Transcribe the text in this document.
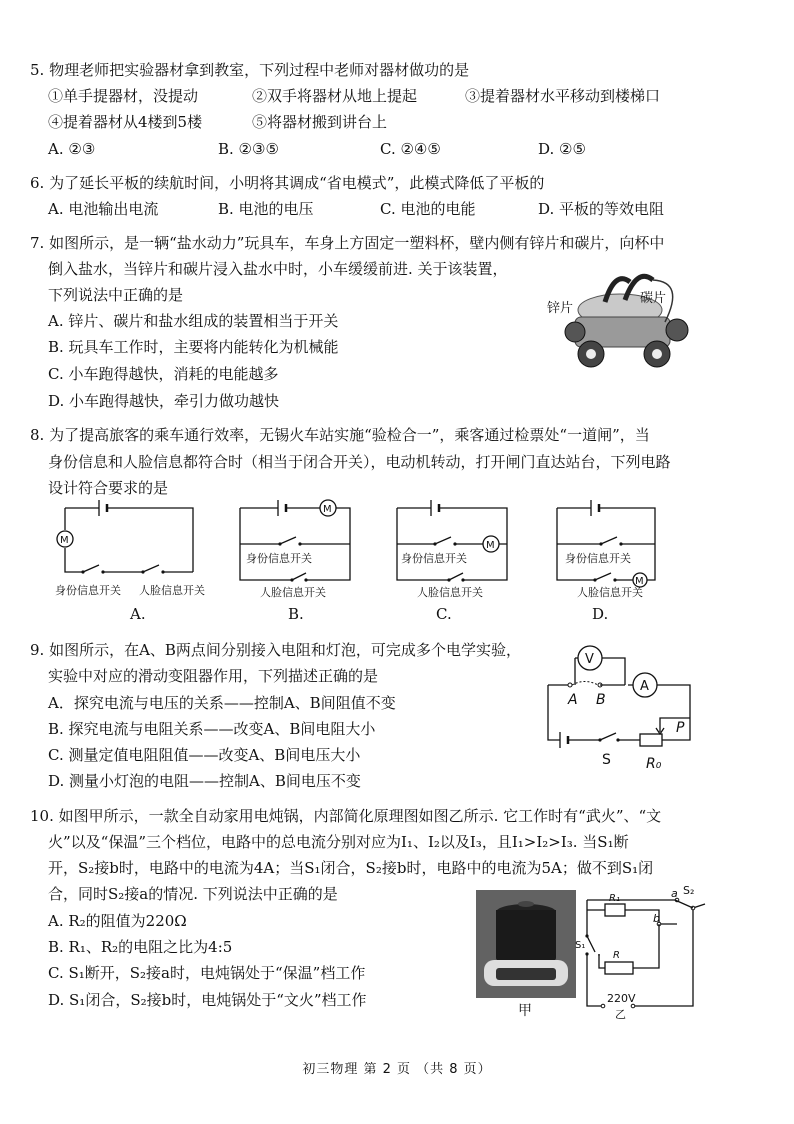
5. 物理老师把实验器材拿到教室，下列过程中老师对器材做功的是
①单手提器材，没提动	②双手将器材从地上提起	③提着器材水平移动到楼梯口
④提着器材从4楼到5楼	⑤将器材搬到讲台上
A. ②③	B. ②③⑤	C. ②④⑤	D. ②⑤
6. 为了延长平板的续航时间，小明将其调成“省电模式”，此模式降低了平板的
A. 电池输出电流	B. 电池的电压	C. 电池的电能	D. 平板的等效电阻
7. 如图所示，是一辆“盐水动力”玩具车，车身上方固定一塑料杯，壁内侧有锌片和碳片，向杯中
倒入盐水，当锌片和碳片浸入盐水中时，小车缓缓前进. 关于该装置，
下列说法中正确的是
A. 锌片、碳片和盐水组成的装置相当于开关
B. 玩具车工作时，主要将内能转化为机械能
C. 小车跑得越快，消耗的电能越多
D. 小车跑得越快，牵引力做功越快
锌片
碳片
8. 为了提高旅客的乘车通行效率，无锡火车站实施“验检合一”，乘客通过检票处“一道闸”，当
身份信息和人脸信息都符合时（相当于闭合开关），电动机转动，打开闸门直达站台，下列电路
设计符合要求的是
M
身份信息开关 人脸信息开关
A.
M
身份信息开关
人脸信息开关
B.
M
身份信息开关
人脸信息开关
C.
M
身份信息开关
人脸信息开关
D.
9. 如图所示，在A、B两点间分别接入电阻和灯泡，可完成多个电学实验，
实验中对应的滑动变阻器作用，下列描述正确的是
A．探究电流与电压的关系——控制A、B间阻值不变
B. 探究电流与电阻关系——改变A、B间电阻大小
C. 测量定值电阻阻值——改变A、B间电压大小
D. 测量小灯泡的电阻——控制A、B间电压不变
V
A
A B
P
S	R₀
10. 如图甲所示，一款全自动家用电炖锅，内部简化原理图如图乙所示. 它工作时有“武火”、“文
火”以及“保温”三个档位，电路中的总电流分别对应为I₁、I₂以及I₃，且I₁>I₂>I₃. 当S₁断
开，S₂接b时，电路中的电流为4A；当S₁闭合，S₂接b时，电路中的电流为5A；做不到S₁闭
合，同时S₂接a的情况. 下列说法中正确的是
A. R₂的阻值为220Ω
B. R₁、R₂的电阻之比为4:5
C. S₁断开，S₂接a时，电炖锅处于“保温”档工作
D. S₁闭合，S₂接b时，电炖锅处于“文火”档工作
甲
a S₂
R₁
b
R
S₁
220V
乙
初三物理 第 2 页 （共 8 页）
